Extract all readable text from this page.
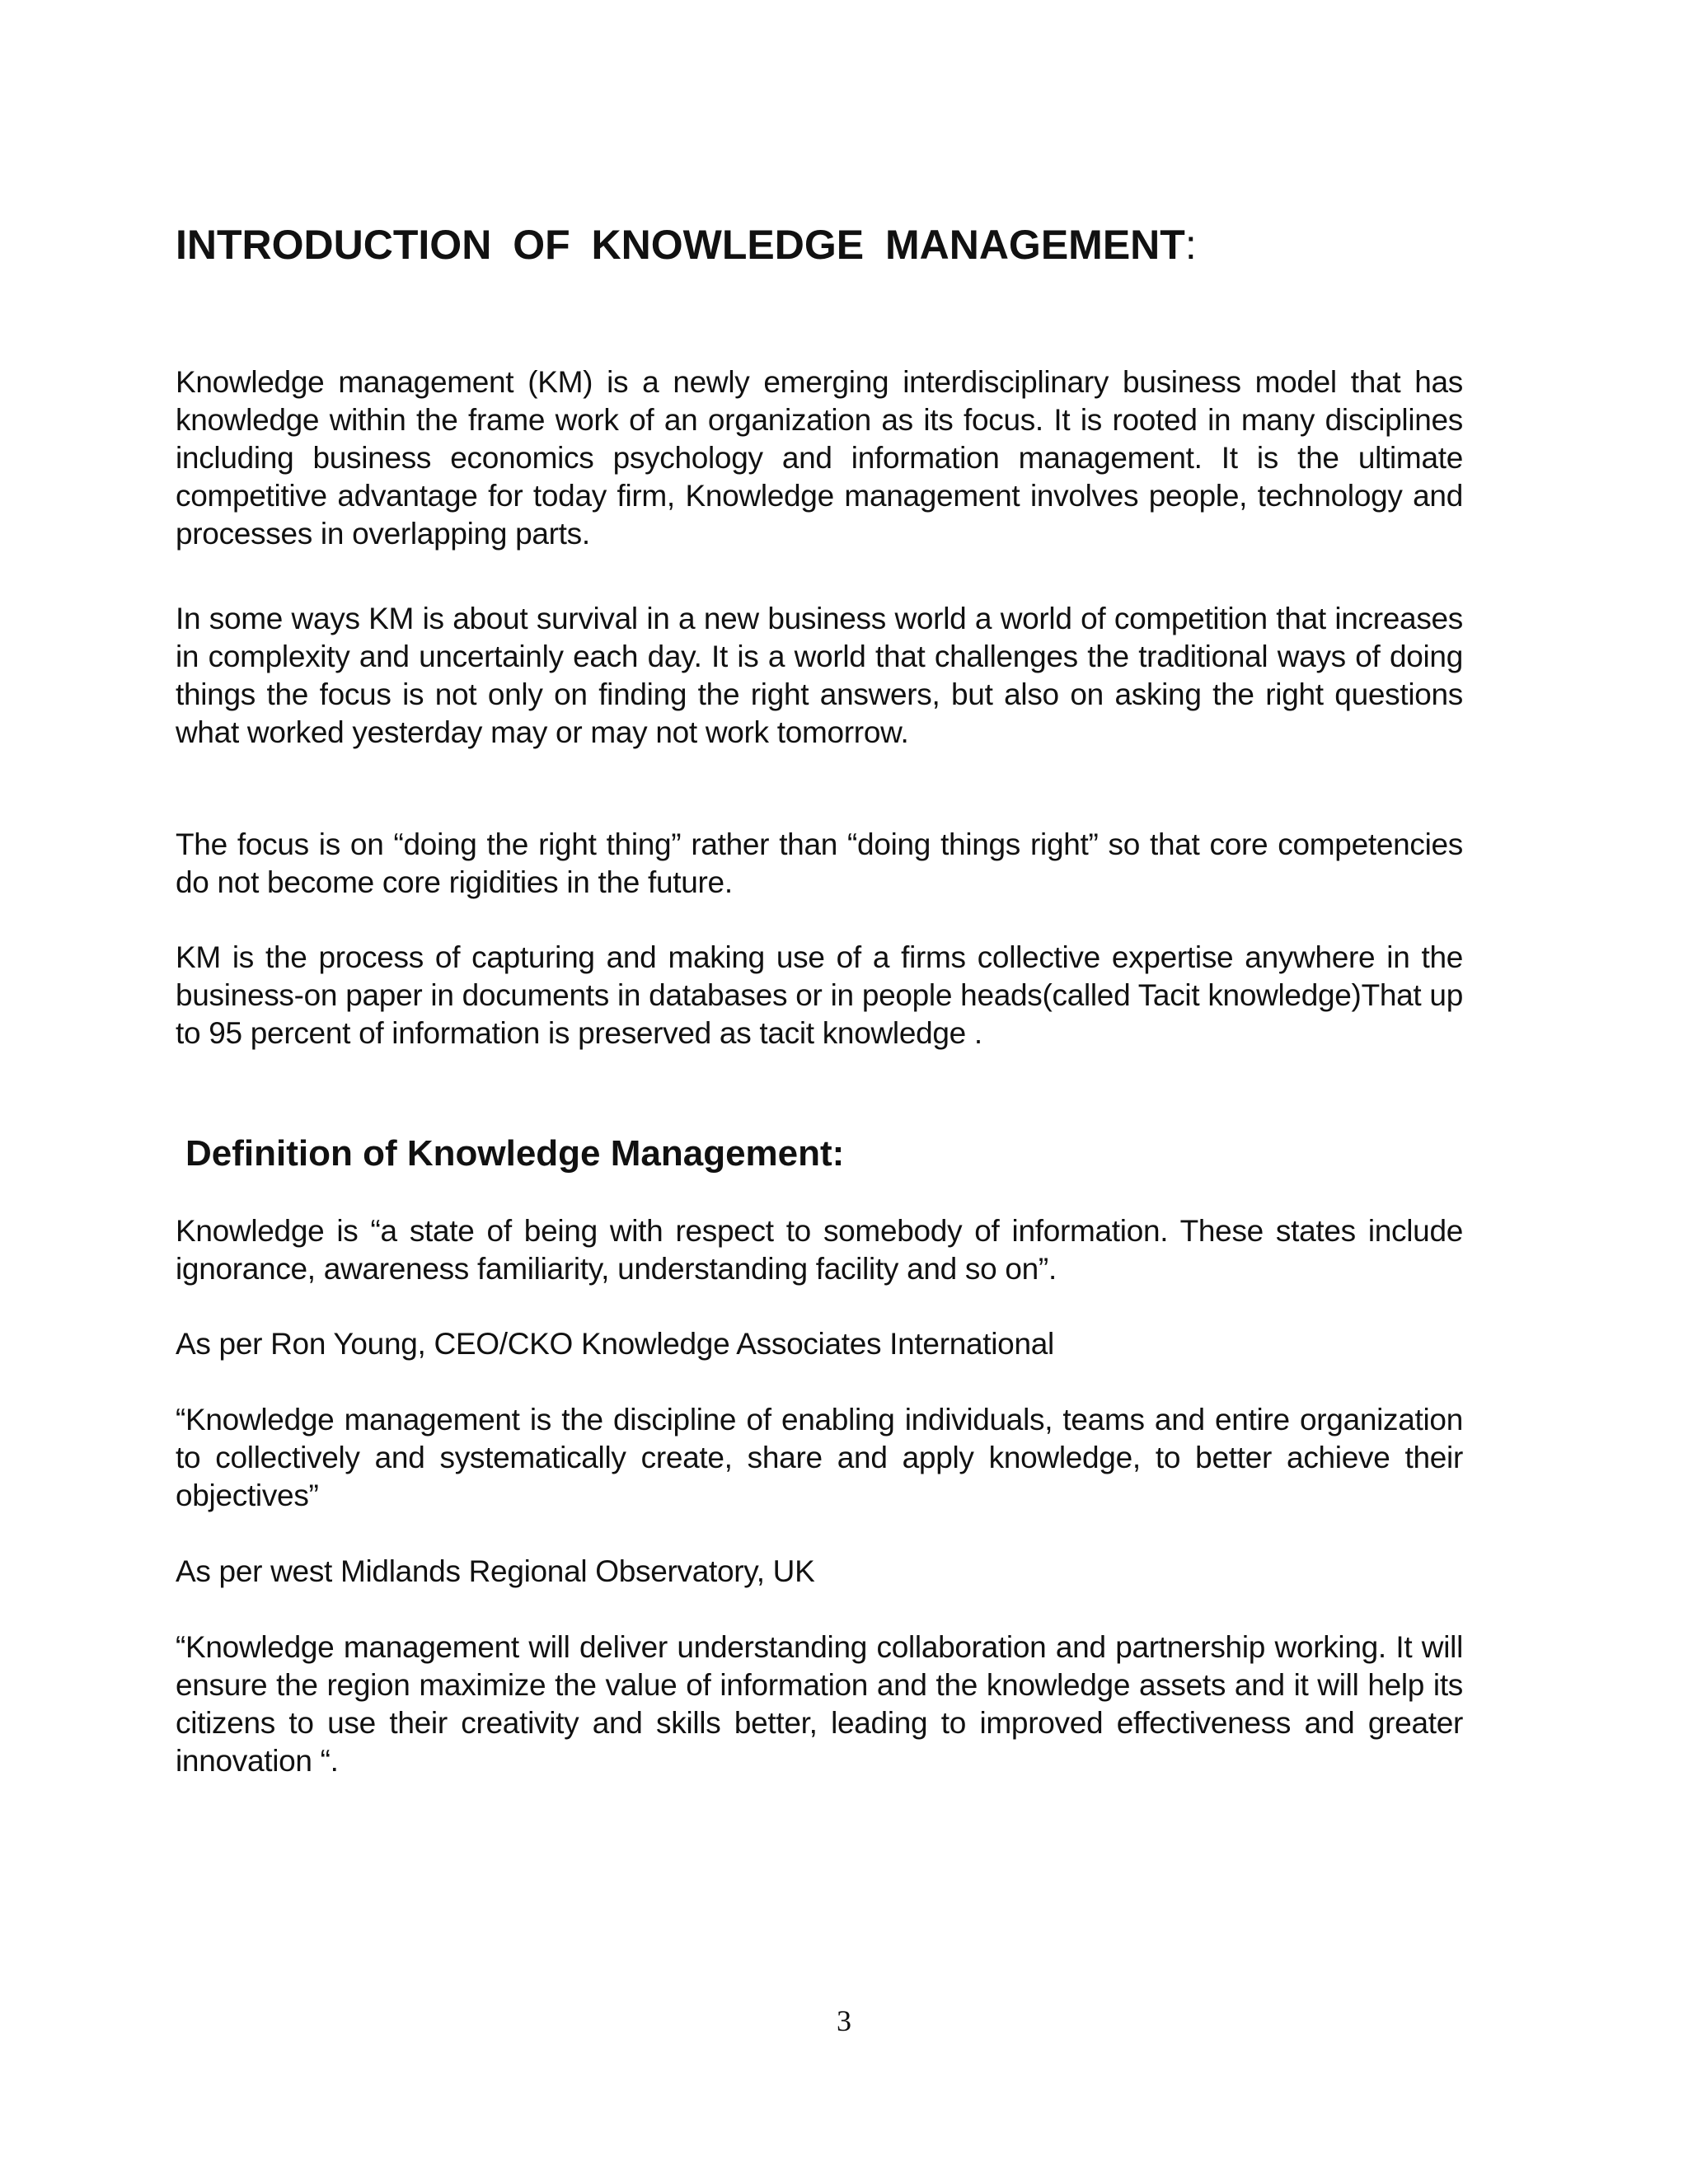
INTRODUCTION OF KNOWLEDGE MANAGEMENT:

Knowledge management (KM) is a newly emerging interdisciplinary business model that has knowledge within the frame work of an organization as its focus. It is rooted in many disciplines including business economics psychology and information management. It is the ultimate competitive advantage for today firm, Knowledge management involves people, technology and processes in overlapping parts.

In some ways KM is about survival in a new business world a world of competition that increases in complexity and uncertainly each day. It is a world that challenges the traditional ways of doing things the focus is not only on finding the right answers, but also on asking the right questions what worked yesterday may or may not work tomorrow.

The focus is on “doing the right thing” rather than “doing things right” so that core competencies do not become core rigidities in the future.

KM is the process of capturing and making use of a firms collective expertise anywhere in the business-on paper in documents in databases or in people heads(called Tacit knowledge)That up to 95 percent of information is preserved as tacit knowledge .

Definition of Knowledge Management:

Knowledge is “a state of being with respect to somebody of information. These states include ignorance, awareness familiarity, understanding facility and so on”.

As per Ron Young, CEO/CKO Knowledge Associates International

“Knowledge management is the discipline of enabling individuals, teams and entire organization to collectively and systematically create, share and apply knowledge, to better achieve their objectives”

As per west Midlands Regional Observatory, UK

“Knowledge management will deliver understanding collaboration and partnership working. It will ensure the region maximize the value of information and the knowledge assets and it will help its citizens to use their creativity and skills better, leading to improved effectiveness and greater innovation “.

3
